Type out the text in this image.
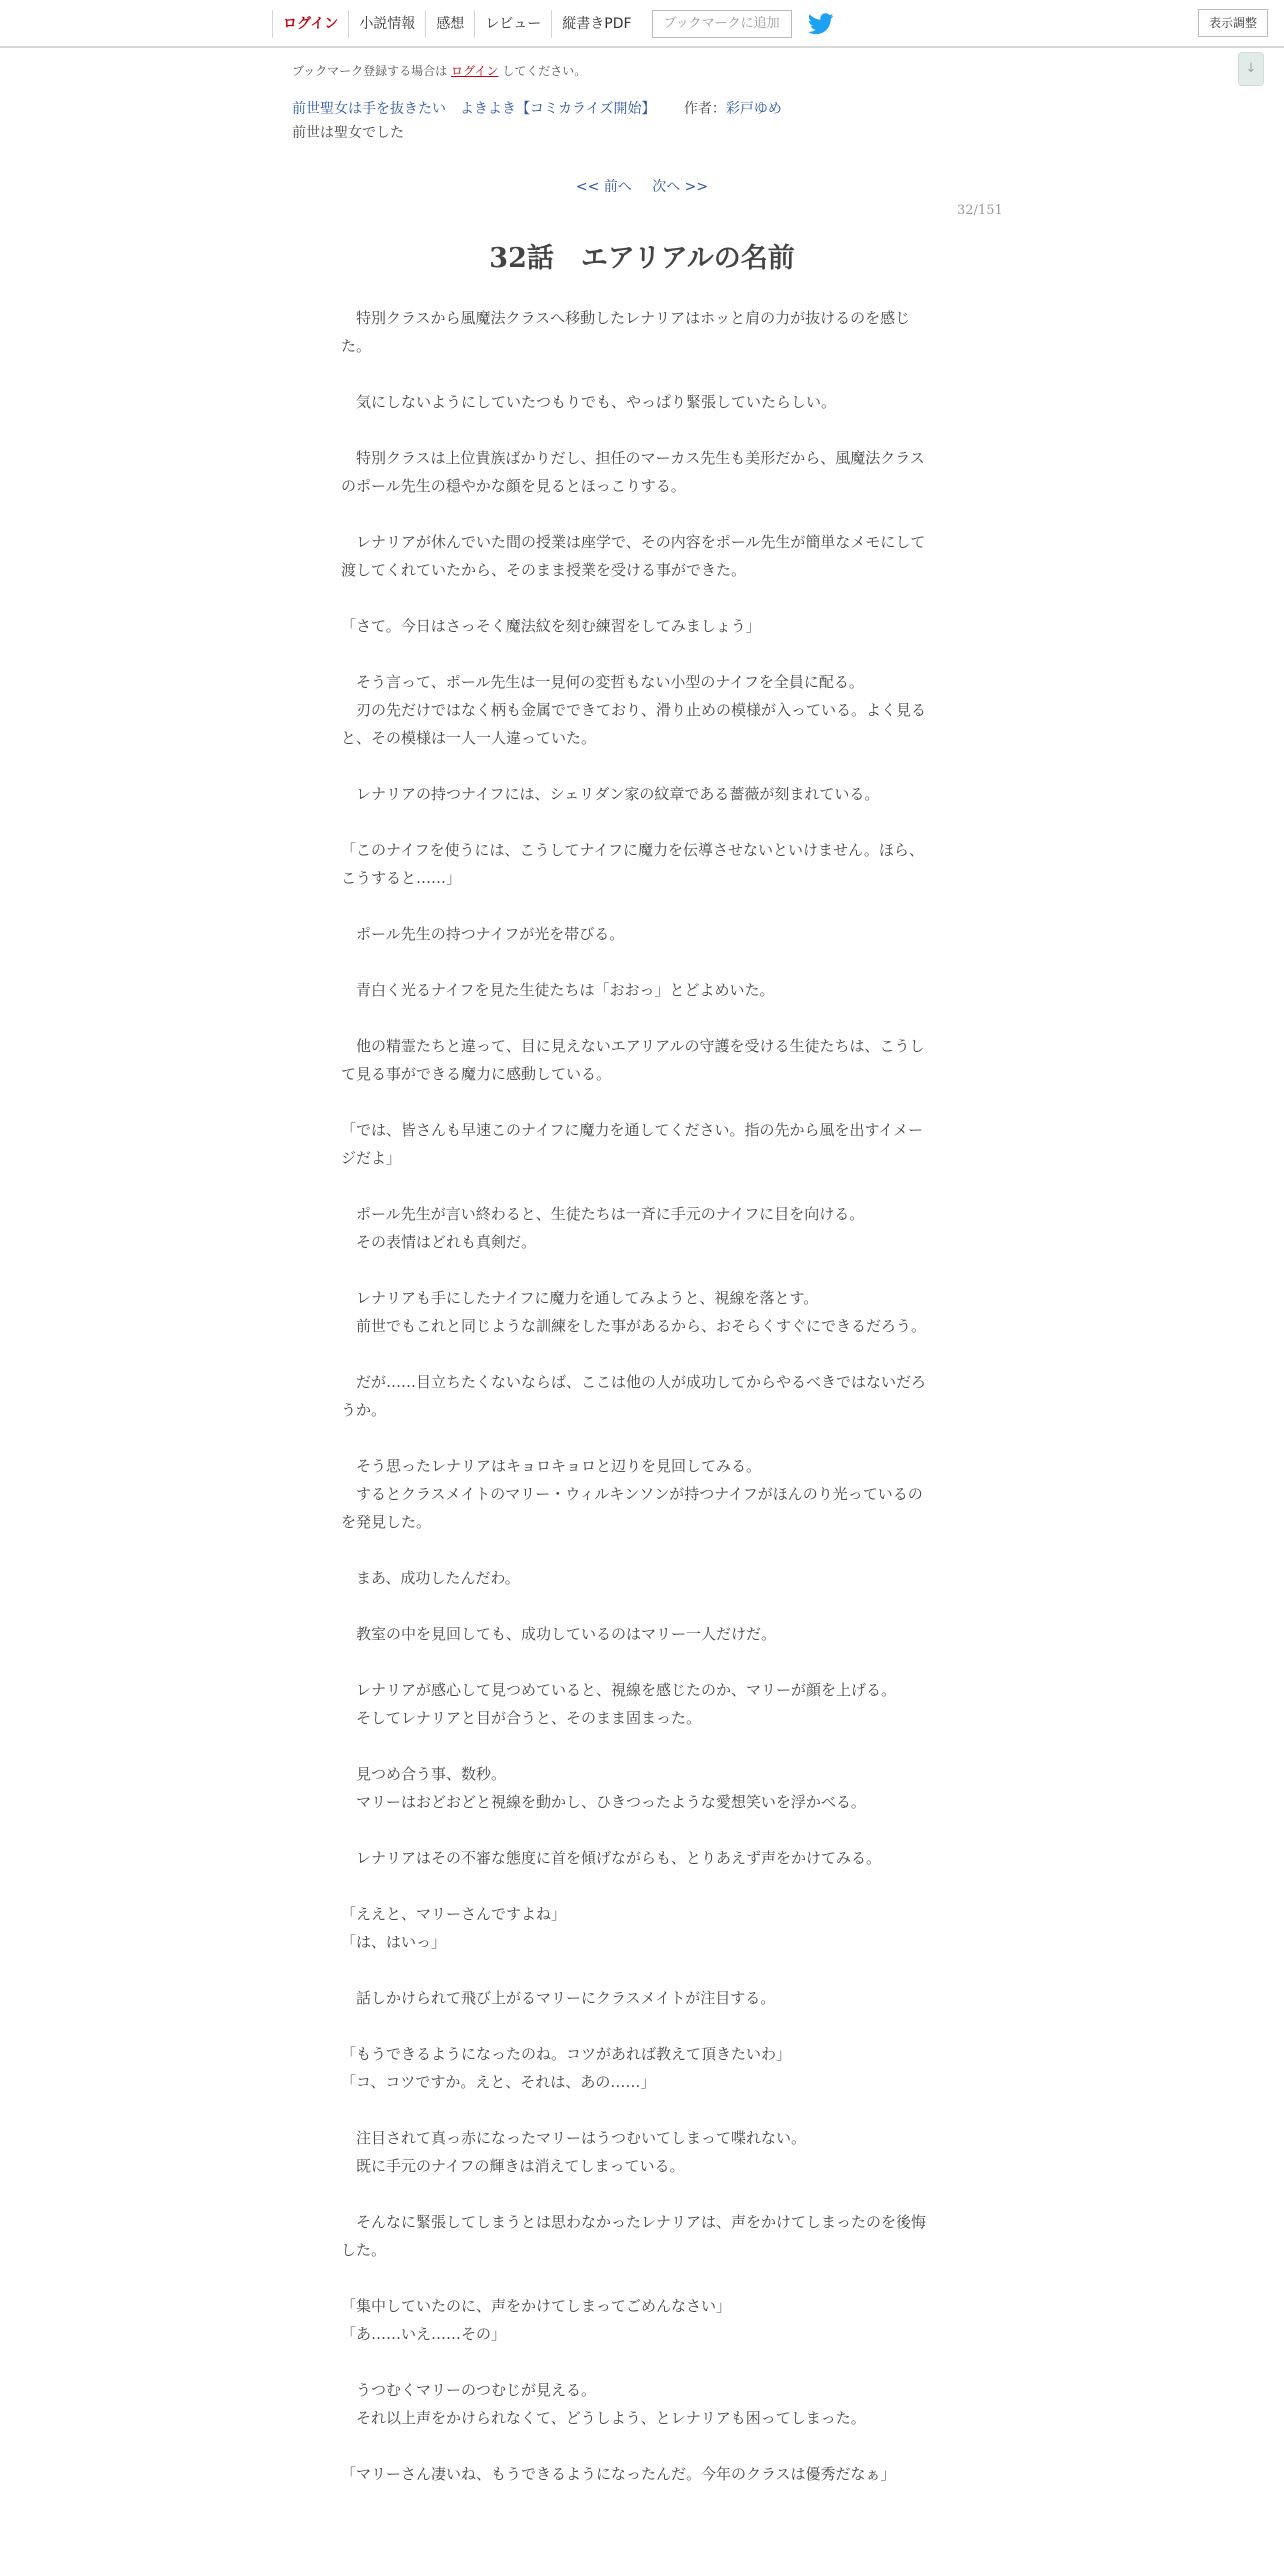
ログイン	小説情報	感想	レビュー	縦書きPDF	ブックマークに追加	表示調整
↓
ブックマーク登録する場合は ログイン してください。
前世聖女は手を抜きたい　よきよき【コミカライズ開始】 作者：彩戸ゆめ
前世は聖女でした
<< 前へ 次へ >>
32/151
32話　エアリアルの名前

　特別クラスから風魔法クラスへ移動したレナリアはホッと肩の力が抜けるのを感じた。

　気にしないようにしていたつもりでも、やっぱり緊張していたらしい。

　特別クラスは上位貴族ばかりだし、担任のマーカス先生も美形だから、風魔法クラスのポール先生の穏やかな顔を見るとほっこりする。

　レナリアが休んでいた間の授業は座学で、その内容をポール先生が簡単なメモにして渡してくれていたから、そのまま授業を受ける事ができた。

「さて。今日はさっそく魔法紋を刻む練習をしてみましょう」

　そう言って、ポール先生は一見何の変哲もない小型のナイフを全員に配る。

　刃の先だけではなく柄も金属でできており、滑り止めの模様が入っている。よく見ると、その模様は一人一人違っていた。

　レナリアの持つナイフには、シェリダン家の紋章である薔薇が刻まれている。

「このナイフを使うには、こうしてナイフに魔力を伝導させないといけません。ほら、こうすると……」

　ポール先生の持つナイフが光を帯びる。

　青白く光るナイフを見た生徒たちは「おおっ」とどよめいた。

　他の精霊たちと違って、目に見えないエアリアルの守護を受ける生徒たちは、こうして見る事ができる魔力に感動している。

「では、皆さんも早速このナイフに魔力を通してください。指の先から風を出すイメージだよ」

　ポール先生が言い終わると、生徒たちは一斉に手元のナイフに目を向ける。

　その表情はどれも真剣だ。

　レナリアも手にしたナイフに魔力を通してみようと、視線を落とす。

　前世でもこれと同じような訓練をした事があるから、おそらくすぐにできるだろう。

　だが……目立ちたくないならば、ここは他の人が成功してからやるべきではないだろうか。

　そう思ったレナリアはキョロキョロと辺りを見回してみる。

　するとクラスメイトのマリー・ウィルキンソンが持つナイフがほんのり光っているのを発見した。

　まあ、成功したんだわ。

　教室の中を見回しても、成功しているのはマリー一人だけだ。

　レナリアが感心して見つめていると、視線を感じたのか、マリーが顔を上げる。

　そしてレナリアと目が合うと、そのまま固まった。

　見つめ合う事、数秒。

　マリーはおどおどと視線を動かし、ひきつったような愛想笑いを浮かべる。

　レナリアはその不審な態度に首を傾げながらも、とりあえず声をかけてみる。

「ええと、マリーさんですよね」

「は、はいっ」

　話しかけられて飛び上がるマリーにクラスメイトが注目する。

「もうできるようになったのね。コツがあれば教えて頂きたいわ」

「コ、コツですか。えと、それは、あの……」

　注目されて真っ赤になったマリーはうつむいてしまって喋れない。

　既に手元のナイフの輝きは消えてしまっている。

　そんなに緊張してしまうとは思わなかったレナリアは、声をかけてしまったのを後悔した。

「集中していたのに、声をかけてしまってごめんなさい」

「あ……いえ……その」

　うつむくマリーのつむじが見える。

　それ以上声をかけられなくて、どうしよう、とレナリアも困ってしまった。

「マリーさん凄いね、もうできるようになったんだ。今年のクラスは優秀だなぁ」
